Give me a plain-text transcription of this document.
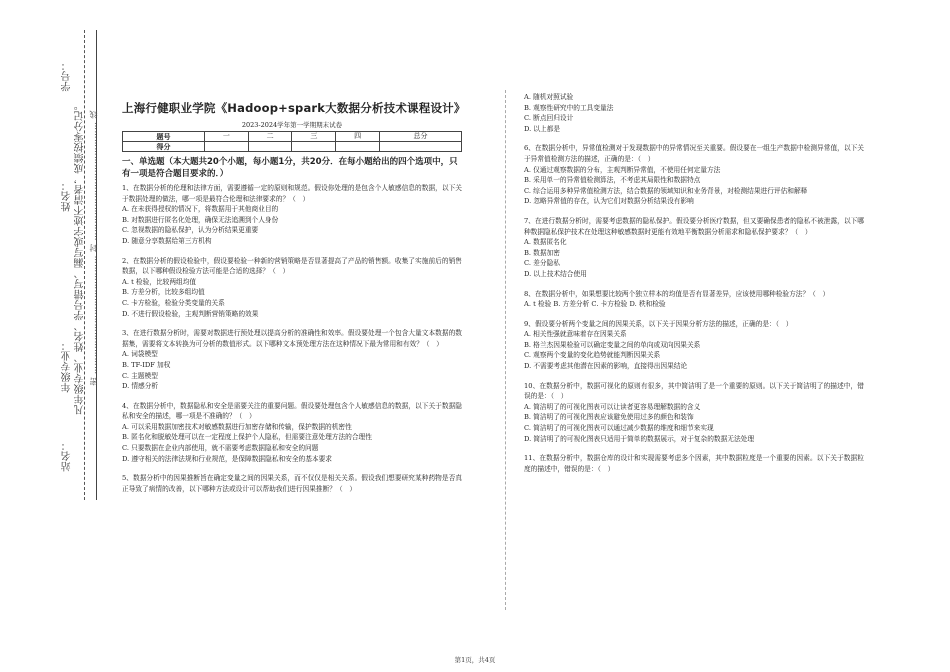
学号：
姓名：
年级专业：
站名：
凡年级专业、姓名、学号错写、漏写或字迹不清者，成绩按零分记。 密 …………………………………… 封 …………………………………… 线
上海行健职业学院《Hadoop+spark大数据分析技术课程设计》
2023-2024学年第一学期期末试卷
题号	一	二	三	四	总分
得分					
一、单选题（本大题共20个小题，每小题1分，共20分．在每小题给出的四个选项中，只有一项是符合题目要求的．）
1、在数据分析的伦理和法律方面，需要遵循一定的原则和规范。假设你处理的是包含个人敏感信息的数据，以下关于数据处理的做法，哪一项是最符合伦理和法律要求的？（　）
A. 在未获得授权的情况下，将数据用于其他商业目的
B. 对数据进行匿名化处理，确保无法追溯到个人身份
C. 忽视数据的隐私保护，认为分析结果更重要
D. 随意分享数据给第三方机构
2、在数据分析的假设检验中，假设要检验一种新的营销策略是否显著提高了产品的销售额。收集了实施前后的销售数据，以下哪种假设检验方法可能是合适的选择？（　）
A. t 检验，比较两组均值
B. 方差分析，比较多组均值
C. 卡方检验，检验分类变量的关系
D. 不进行假设检验，主观判断营销策略的效果
3、在进行数据分析时，需要对数据进行预处理以提高分析的准确性和效率。假设要处理一个包含大量文本数据的数据集，需要将文本转换为可分析的数值形式。以下哪种文本预处理方法在这种情况下最为常用和有效？（　）
A. 词袋模型
B. TF-IDF 加权
C. 主题模型
D. 情感分析
4、在数据分析中，数据隐私和安全是需要关注的重要问题。假设要处理包含个人敏感信息的数据，以下关于数据隐私和安全的描述，哪一项是不准确的？（　）
A. 可以采用数据加密技术对敏感数据进行加密存储和传输，保护数据的机密性
B. 匿名化和脱敏处理可以在一定程度上保护个人隐私，但需要注意处理方法的合理性
C. 只要数据在企业内部使用，就不需要考虑数据隐私和安全的问题
D. 遵守相关的法律法规和行业规范，是保障数据隐私和安全的基本要求
5、数据分析中的因果推断旨在确定变量之间的因果关系，而不仅仅是相关关系。假设我们想要研究某种药物是否真正导致了病情的改善，以下哪种方法或设计可以帮助我们进行因果推断？（　）
A. 随机对照试验
B. 观察性研究中的工具变量法
C. 断点回归设计
D. 以上都是
6、在数据分析中，异常值检测对于发现数据中的异常情况至关重要。假设要在一组生产数据中检测异常值，以下关于异常值检测方法的描述，正确的是：（　）
A. 仅通过观察数据的分布，主观判断异常值，不使用任何定量方法
B. 采用单一的异常值检测算法，不考虑其局限性和数据特点
C. 综合运用多种异常值检测方法，结合数据的领域知识和业务背景，对检测结果进行评估和解释
D. 忽略异常值的存在，认为它们对数据分析结果没有影响
7、在进行数据分析时，需要考虑数据的隐私保护。假设要分析医疗数据，但又要确保患者的隐私不被泄露，以下哪种数据隐私保护技术在处理这种敏感数据时更能有效地平衡数据分析需求和隐私保护要求？（　）
A. 数据匿名化
B. 数据加密
C. 差分隐私
D. 以上技术结合使用
8、在数据分析中，如果想要比较两个独立样本的均值是否有显著差异，应该使用哪种检验方法？（　）
A. t 检验 B. 方差分析 C. 卡方检验 D. 秩和检验
9、假设要分析两个变量之间的因果关系，以下关于因果分析方法的描述，正确的是：（　）
A. 相关性强就意味着存在因果关系
B. 格兰杰因果检验可以确定变量之间的单向或双向因果关系
C. 观察两个变量的变化趋势就能判断因果关系
D. 不需要考虑其他潜在因素的影响，直接得出因果结论
10、在数据分析中，数据可视化的原则有很多，其中简洁明了是一个重要的原则。以下关于简洁明了的描述中，错误的是：（　）
A. 简洁明了的可视化图表可以让读者更容易理解数据的含义
B. 简洁明了的可视化图表应该避免使用过多的颜色和装饰
C. 简洁明了的可视化图表可以通过减少数据的维度和细节来实现
D. 简洁明了的可视化图表只适用于简单的数据展示，对于复杂的数据无法处理
11、在数据分析中，数据仓库的设计和实现需要考虑多个因素，其中数据粒度是一个重要的因素。以下关于数据粒度的描述中，错误的是：（　）
第1页，共4页
